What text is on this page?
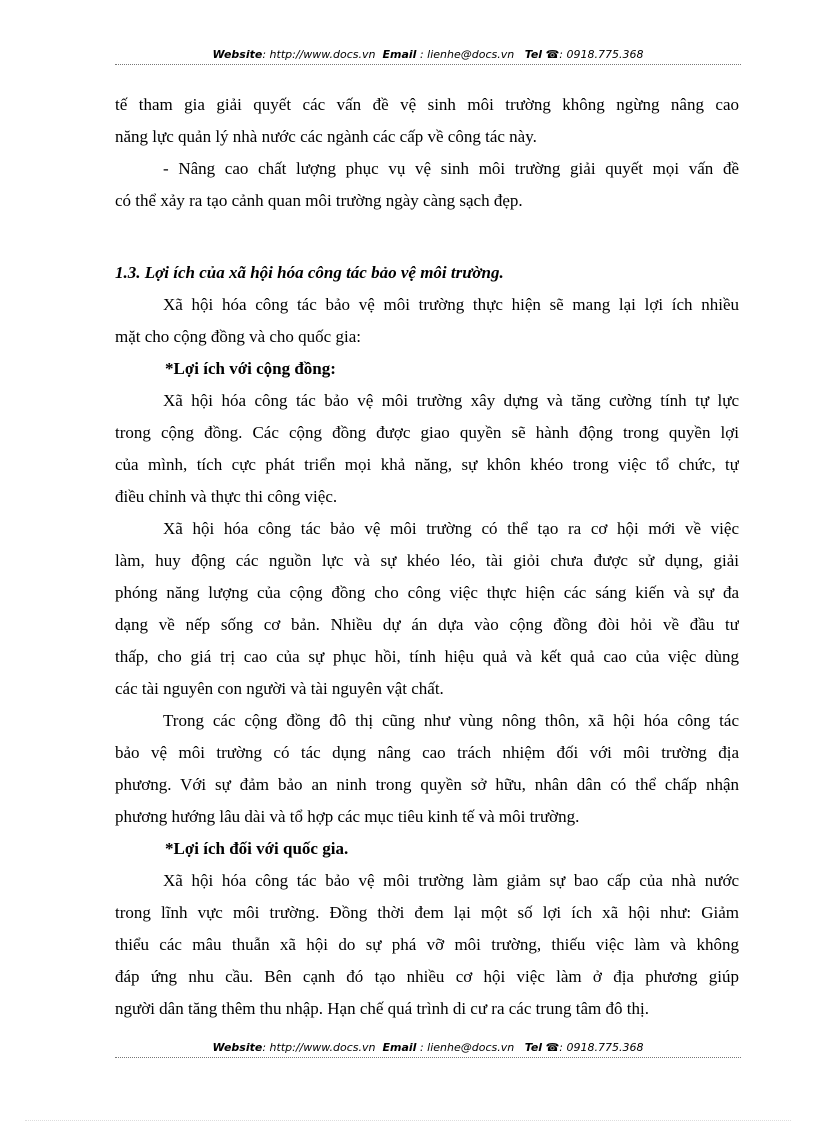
Website: http://www.docs.vn Email : lienhe@docs.vn Tel ☎: 0918.775.368
tế tham gia giải quyết các vấn đề vệ sinh môi trường không ngừng nâng cao
năng lực quản lý nhà nước các ngành các cấp về công tác này.
- Nâng cao chất lượng phục vụ vệ sinh môi trường giải quyết mọi vấn đề
có thể xảy ra tạo cảnh quan môi trường ngày càng sạch đẹp.
1.3. Lợi ích của xã hội hóa công tác bảo vệ môi trường.
Xã hội hóa công tác bảo vệ môi trường thực hiện sẽ mang lại lợi ích nhiều
mặt cho cộng đồng và cho quốc gia:
*Lợi ích với cộng đồng:
Xã hội hóa công tác bảo vệ môi trường xây dựng và tăng cường tính tự lực
trong cộng đồng. Các cộng đồng được giao quyền sẽ hành động trong quyền lợi
của mình, tích cực phát triển mọi khả năng, sự khôn khéo trong việc tổ chức, tự
điều chỉnh và thực thi công việc.
Xã hội hóa công tác bảo vệ môi trường có thể tạo ra cơ hội mới về việc
làm, huy động các nguồn lực và sự khéo léo, tài giỏi chưa được sử dụng, giải
phóng năng lượng của cộng đồng cho công việc thực hiện các sáng kiến và sự đa
dạng về nếp sống cơ bản. Nhiều dự án dựa vào cộng đồng đòi hỏi về đầu tư
thấp, cho giá trị cao của sự phục hồi, tính hiệu quả và kết quả cao của việc dùng
các tài nguyên con người và tài nguyên vật chất.
Trong các cộng đồng đô thị cũng như vùng nông thôn, xã hội hóa công tác
bảo vệ môi trường có tác dụng nâng cao trách nhiệm đối với môi trường địa
phương. Với sự đảm bảo an ninh trong quyền sở hữu, nhân dân có thể chấp nhận
phương hướng lâu dài và tổ hợp các mục tiêu kinh tế và môi trường.
*Lợi ích đối với quốc gia.
Xã hội hóa công tác bảo vệ môi trường làm giảm sự bao cấp của nhà nước
trong lĩnh vực môi trường. Đồng thời đem lại một số lợi ích xã hội như: Giảm
thiểu các mâu thuẫn xã hội do sự phá vỡ môi trường, thiếu việc làm và không
đáp ứng nhu cầu. Bên cạnh đó tạo nhiều cơ hội việc làm ở địa phương giúp
người dân tăng thêm thu nhập. Hạn chế quá trình di cư ra các trung tâm đô thị.
Website: http://www.docs.vn Email : lienhe@docs.vn Tel ☎: 0918.775.368
